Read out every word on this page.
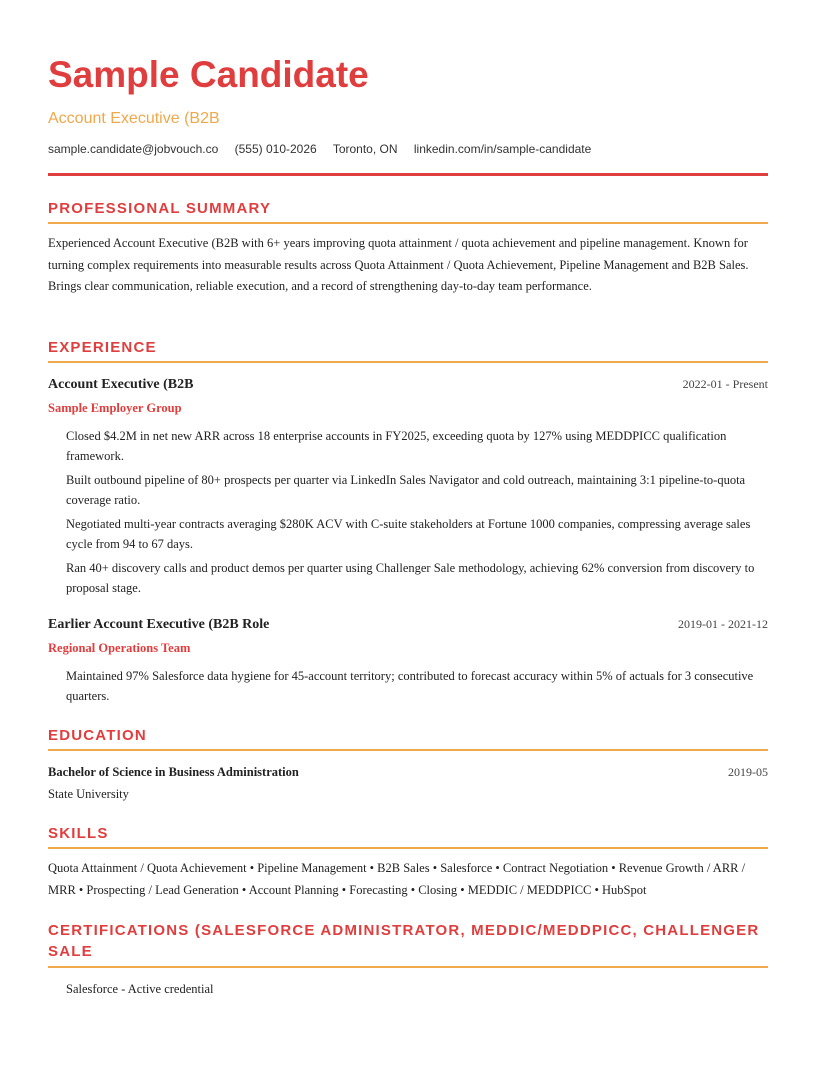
Sample Candidate
Account Executive (B2B
sample.candidate@jobvouch.co (555) 010-2026 Toronto, ON linkedin.com/in/sample-candidate
PROFESSIONAL SUMMARY
Experienced Account Executive (B2B with 6+ years improving quota attainment / quota achievement and pipeline management. Known for turning complex requirements into measurable results across Quota Attainment / Quota Achievement, Pipeline Management and B2B Sales. Brings clear communication, reliable execution, and a record of strengthening day-to-day team performance.
EXPERIENCE
Account Executive (B2B	2022-01 - Present
Sample Employer Group
Closed $4.2M in net new ARR across 18 enterprise accounts in FY2025, exceeding quota by 127% using MEDDPICC qualification framework.
Built outbound pipeline of 80+ prospects per quarter via LinkedIn Sales Navigator and cold outreach, maintaining 3:1 pipeline-to-quota coverage ratio.
Negotiated multi-year contracts averaging $280K ACV with C-suite stakeholders at Fortune 1000 companies, compressing average sales cycle from 94 to 67 days.
Ran 40+ discovery calls and product demos per quarter using Challenger Sale methodology, achieving 62% conversion from discovery to proposal stage.
Earlier Account Executive (B2B Role	2019-01 - 2021-12
Regional Operations Team
Maintained 97% Salesforce data hygiene for 45-account territory; contributed to forecast accuracy within 5% of actuals for 3 consecutive quarters.
EDUCATION
Bachelor of Science in Business Administration	2019-05
State University
SKILLS
Quota Attainment / Quota Achievement • Pipeline Management • B2B Sales • Salesforce • Contract Negotiation • Revenue Growth / ARR / MRR • Prospecting / Lead Generation • Account Planning • Forecasting • Closing • MEDDIC / MEDDPICC • HubSpot
CERTIFICATIONS (SALESFORCE ADMINISTRATOR, MEDDIC/MEDDPICC, CHALLENGER SALE
Salesforce - Active credential
